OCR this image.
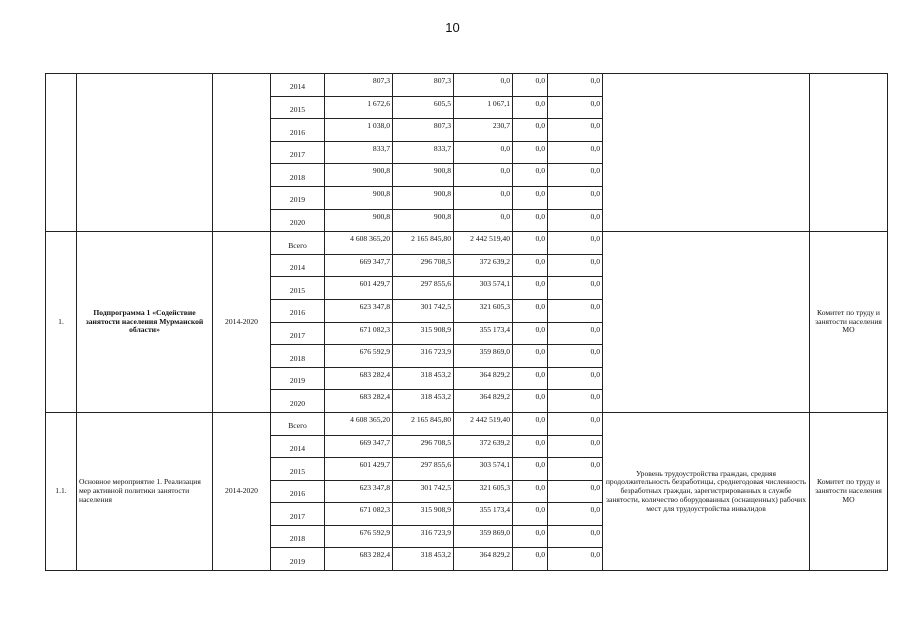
10
			2014	807,3	807,3	0,0	0,0	0,0		
			2015	1 672,6	605,5	1 067,1	0,0	0,0		
			2016	1 038,0	807,3	230,7	0,0	0,0		
			2017	833,7	833,7	0,0	0,0	0,0		
			2018	900,8	900,8	0,0	0,0	0,0		
			2019	900,8	900,8	0,0	0,0	0,0		
			2020	900,8	900,8	0,0	0,0	0,0		
1.	Подпрограмма 1 «Содействие занятости населения Мурманской области»	2014-2020	Всего	4 608 365,20	2 165 845,80	2 442 519,40	0,0	0,0		Комитет по труду и занятости населения МО
			2014	669 347,7	296 708,5	372 639,2	0,0	0,0		
			2015	601 429,7	297 855,6	303 574,1	0,0	0,0		
			2016	623 347,8	301 742,5	321 605,3	0,0	0,0		
			2017	671 082,3	315 908,9	355 173,4	0,0	0,0		
			2018	676 592,9	316 723,9	359 869,0	0,0	0,0		
			2019	683 282,4	318 453,2	364 829,2	0,0	0,0		
			2020	683 282,4	318 453,2	364 829,2	0,0	0,0		
1.1.	Основное мероприятие 1. Реализация мер активной политики занятости населения	2014-2020	Всего	4 608 365,20	2 165 845,80	2 442 519,40	0,0	0,0	Уровень трудоустройства граждан, средняя продолжительность безработицы, среднегодовая численность безработных граждан, зарегистрированных в службе занятости, количество оборудованных (оснащенных) рабочих мест для трудоустройства инвалидов	Комитет по труду и занятости населения МО
			2014	669 347,7	296 708,5	372 639,2	0,0	0,0		
			2015	601 429,7	297 855,6	303 574,1	0,0	0,0		
			2016	623 347,8	301 742,5	321 605,3	0,0	0,0		
			2017	671 082,3	315 908,9	355 173,4	0,0	0,0		
			2018	676 592,9	316 723,9	359 869,0	0,0	0,0		
			2019	683 282,4	318 453,2	364 829,2	0,0	0,0		
